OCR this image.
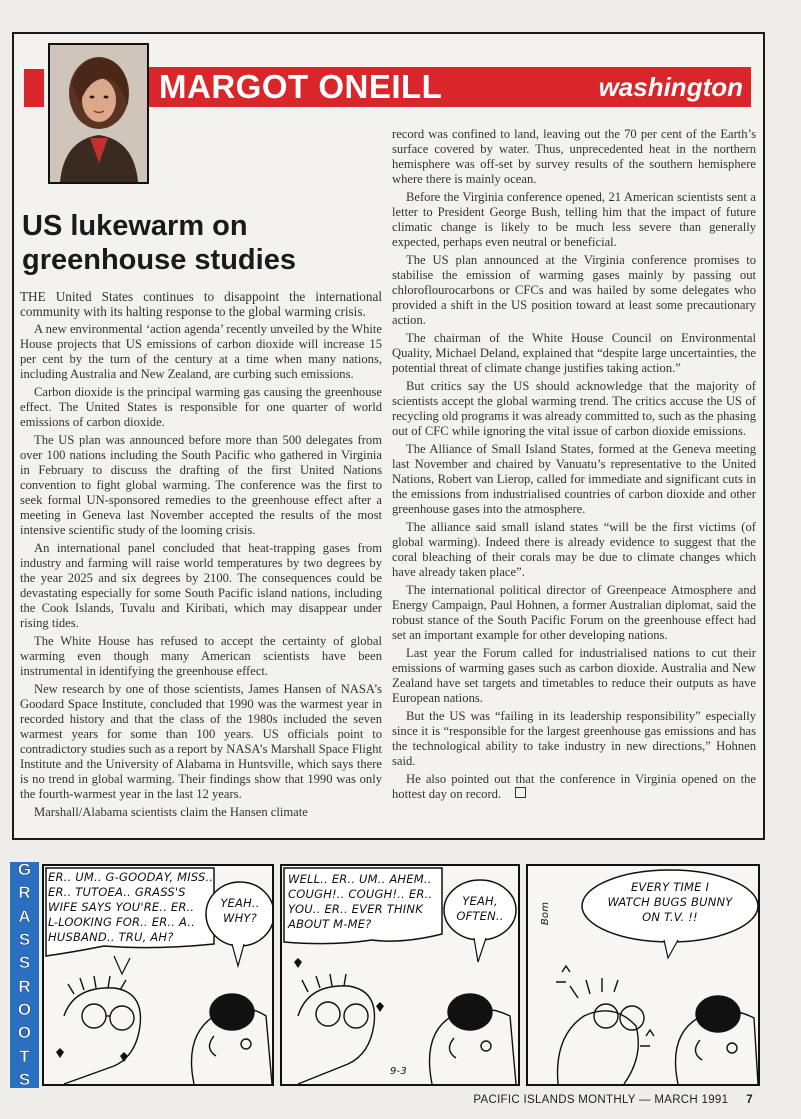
MARGOT ONEILL	washington
US lukewarm on greenhouse studies

THE United States continues to disappoint the international community with its halting response to the global warming crisis.

A new environmental ‘action agenda’ recently unveiled by the White House projects that US emissions of carbon dioxide will increase 15 per cent by the turn of the century at a time when many nations, including Australia and New Zealand, are curbing such emissions.

Carbon dioxide is the principal warming gas causing the greenhouse effect. The United States is responsible for one quarter of world emissions of carbon dioxide.

The US plan was announced before more than 500 delegates from over 100 nations including the South Pacific who gathered in Virginia in February to discuss the drafting of the first United Nations convention to fight global warming. The conference was the first to seek formal UN-sponsored remedies to the greenhouse effect after a meeting in Geneva last November accepted the results of the most intensive scientific study of the looming crisis.

An international panel concluded that heat-trapping gases from industry and farming will raise world temperatures by two degrees by the year 2025 and six degrees by 2100. The consequences could be devastating especially for some South Pacific island nations, including the Cook Islands, Tuvalu and Kiribati, which may disappear under rising tides.

The White House has refused to accept the certainty of global warming even though many American scientists have been instrumental in identifying the greenhouse effect.

New research by one of those scientists, James Hansen of NASA’s Goodard Space Institute, concluded that 1990 was the warmest year in recorded history and that the class of the 1980s included the seven warmest years for some than 100 years. US officials point to contradictory studies such as a report by NASA’s Marshall Space Flight Institute and the University of Alabama in Huntsville, which says there is no trend in global warming. Their findings show that 1990 was only the fourth-warmest year in the last 12 years.

Marshall/Alabama scientists claim the Hansen climate

record was confined to land, leaving out the 70 per cent of the Earth’s surface covered by water. Thus, unprecedented heat in the northern hemisphere was off-set by survey results of the southern hemisphere where there is mainly ocean.

Before the Virginia conference opened, 21 American scientists sent a letter to President George Bush, telling him that the impact of future climatic change is likely to be much less severe than generally expected, perhaps even neutral or beneficial.

The US plan announced at the Virginia conference promises to stabilise the emission of warming gases mainly by passing out chloroflourocarbons or CFCs and was hailed by some delegates who provided a shift in the US position toward at least some precautionary action.

The chairman of the White House Council on Environmental Quality, Michael Deland, explained that “despite large uncertainties, the potential threat of climate change justifies taking action.”

But critics say the US should acknowledge that the majority of scientists accept the global warming trend. The critics accuse the US of recycling old programs it was already committed to, such as the phasing out of CFC while ignoring the vital issue of carbon dioxide emissions.

The Alliance of Small Island States, formed at the Geneva meeting last November and chaired by Vanuatu’s representative to the United Nations, Robert van Lierop, called for immediate and significant cuts in the emissions from industrialised countries of carbon dioxide and other greenhouse gases into the atmosphere.

The alliance said small island states “will be the first victims (of global warming). Indeed there is already evidence to suggest that the coral bleaching of their corals may be due to climate changes which have already taken place”.

The international political director of Greenpeace Atmosphere and Energy Campaign, Paul Hohnen, a former Australian diplomat, said the robust stance of the South Pacific Forum on the greenhouse effect had set an important example for other developing nations.

Last year the Forum called for industrialised nations to cut their emissions of warming gases such as carbon dioxide. Australia and New Zealand have set targets and timetables to reduce their outputs as have European nations.

But the US was “failing in its leadership responsibility” especially since it is “responsible for the largest greenhouse gas emissions and has the technological ability to take industry in new directions,” Hohnen said.

He also pointed out that the conference in Virginia opened on the hottest day on record.

G
R
A
S
S
R
O
O
T
S
ER.. UM.. G-GOODAY, MISS..
ER.. TUTOEA.. GRASS'S
WIFE SAYS YOU'RE.. ER..
L-LOOKING FOR.. ER.. A..
HUSBAND.. TRU, AH?
YEAH..
WHY?
WELL.. ER.. UM.. AHEM..
COUGH!.. COUGH!.. ER..
YOU.. ER.. EVER THINK
ABOUT M-ME?
YEAH,
OFTEN..
9-3
Bom
EVERY TIME I
WATCH BUGS BUNNY
ON T.V. !!
PACIFIC ISLANDS MONTHLY — MARCH 1991 7
